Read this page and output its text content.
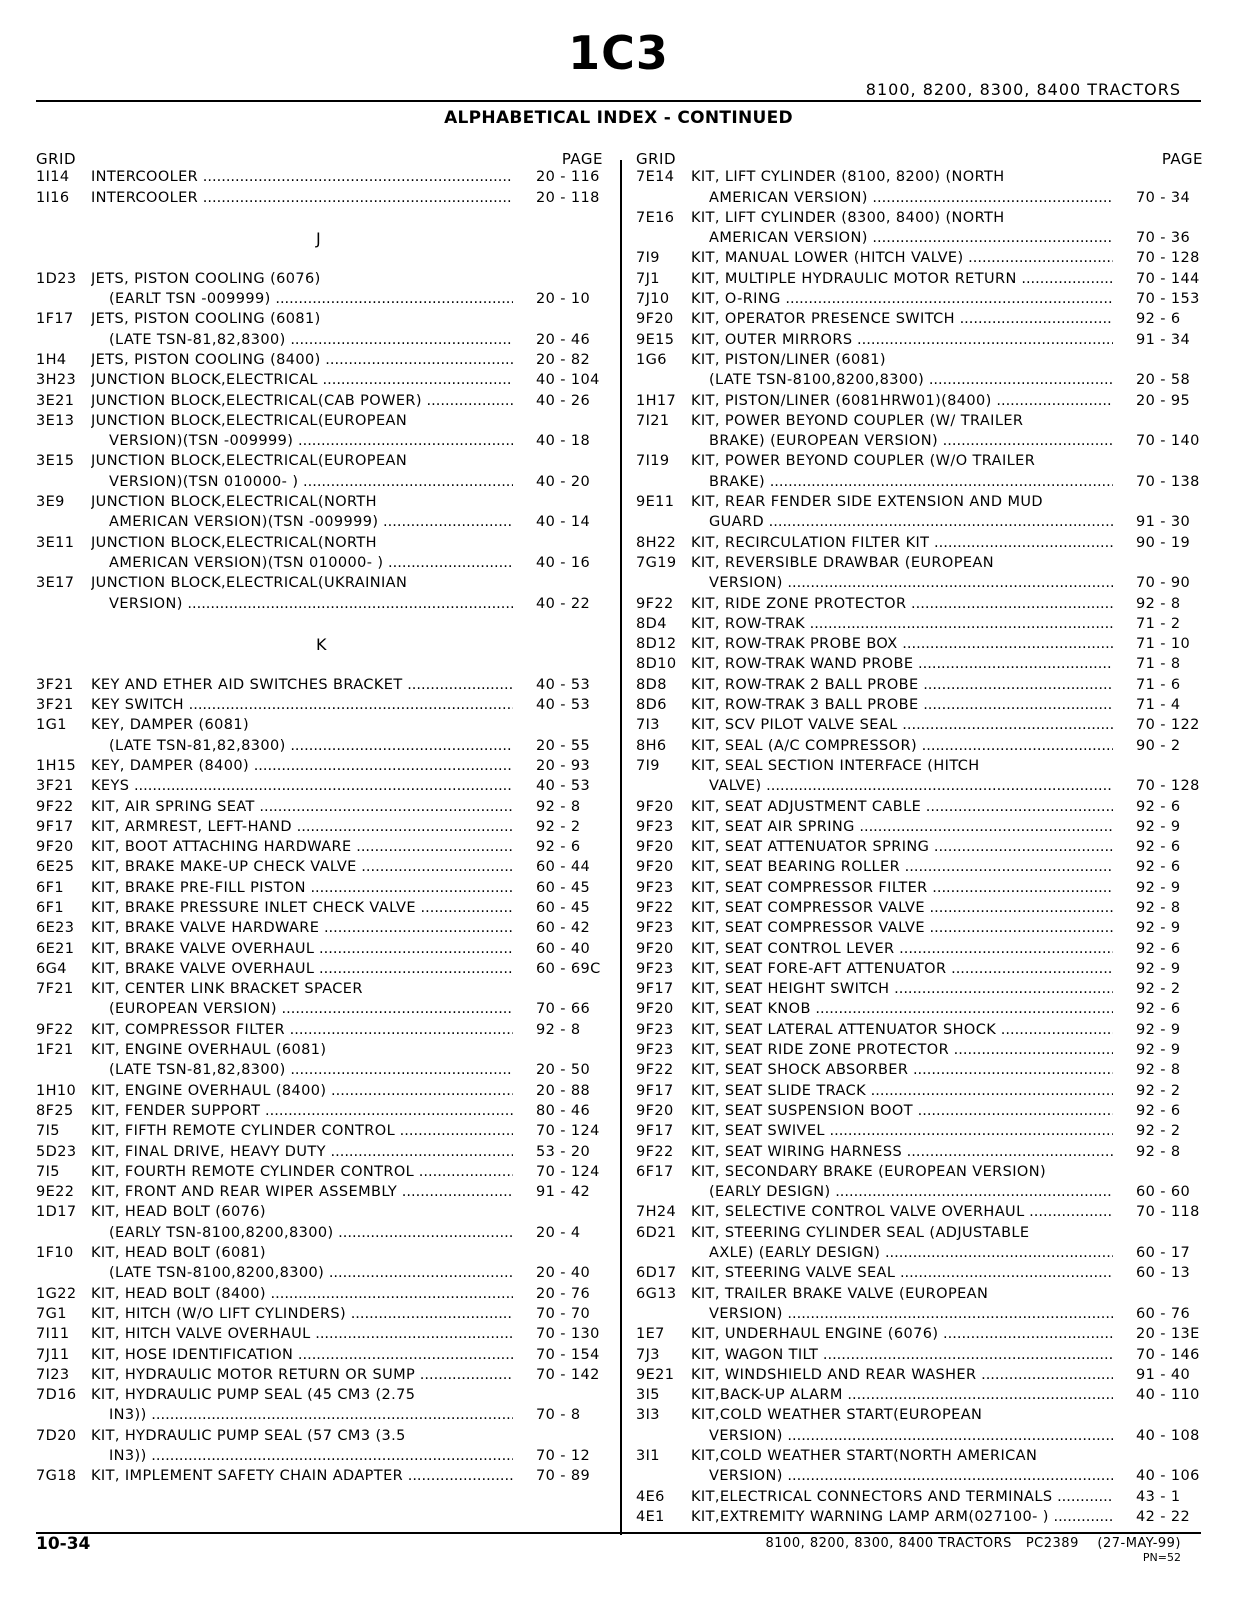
1C3
8100, 8200, 8300, 8400 TRACTORS
ALPHABETICAL INDEX - CONTINUED
GRID	PAGE
1I14 INTERCOOLER .....	20 - 116
1I16 INTERCOOLER .....	20 - 118
J
1D23 JETS, PISTON COOLING (6076)
(EARLT TSN -009999) .....	20 - 10
1F17 JETS, PISTON COOLING (6081)
(LATE TSN-81,82,8300) .....	20 - 46
1H4 JETS, PISTON COOLING (8400) .....	20 - 82
3H23 JUNCTION BLOCK,ELECTRICAL .....	40 - 104
3E21 JUNCTION BLOCK,ELECTRICAL(CAB POWER) .....	40 - 26
3E13 JUNCTION BLOCK,ELECTRICAL(EUROPEAN
VERSION)(TSN -009999) .....	40 - 18
3E15 JUNCTION BLOCK,ELECTRICAL(EUROPEAN
VERSION)(TSN 010000- ) .....	40 - 20
3E9 JUNCTION BLOCK,ELECTRICAL(NORTH
AMERICAN VERSION)(TSN -009999) .....	40 - 14
3E11 JUNCTION BLOCK,ELECTRICAL(NORTH
AMERICAN VERSION)(TSN 010000- ) .....	40 - 16
3E17 JUNCTION BLOCK,ELECTRICAL(UKRAINIAN
VERSION) .....	40 - 22
K
3F21 KEY AND ETHER AID SWITCHES BRACKET .....	40 - 53
3F21 KEY SWITCH .....	40 - 53
1G1 KEY, DAMPER (6081)
(LATE TSN-81,82,8300) .....	20 - 55
1H15 KEY, DAMPER (8400) .....	20 - 93
3F21 KEYS .....	40 - 53
9F22 KIT, AIR SPRING SEAT .....	92 - 8
9F17 KIT, ARMREST, LEFT-HAND .....	92 - 2
9F20 KIT, BOOT ATTACHING HARDWARE .....	92 - 6
6E25 KIT, BRAKE MAKE-UP CHECK VALVE .....	60 - 44
6F1 KIT, BRAKE PRE-FILL PISTON .....	60 - 45
6F1 KIT, BRAKE PRESSURE INLET CHECK VALVE .....	60 - 45
6E23 KIT, BRAKE VALVE HARDWARE .....	60 - 42
6E21 KIT, BRAKE VALVE OVERHAUL .....	60 - 40
6G4 KIT, BRAKE VALVE OVERHAUL .....	60 - 69C
7F21 KIT, CENTER LINK BRACKET SPACER
(EUROPEAN VERSION) .....	70 - 66
9F22 KIT, COMPRESSOR FILTER .....	92 - 8
1F21 KIT, ENGINE OVERHAUL (6081)
(LATE TSN-81,82,8300) .....	20 - 50
1H10 KIT, ENGINE OVERHAUL (8400) .....	20 - 88
8F25 KIT, FENDER SUPPORT .....	80 - 46
7I5 KIT, FIFTH REMOTE CYLINDER CONTROL .....	70 - 124
5D23 KIT, FINAL DRIVE, HEAVY DUTY .....	53 - 20
7I5 KIT, FOURTH REMOTE CYLINDER CONTROL .....	70 - 124
9E22 KIT, FRONT AND REAR WIPER ASSEMBLY .....	91 - 42
1D17 KIT, HEAD BOLT (6076)
(EARLY TSN-8100,8200,8300) .....	20 - 4
1F10 KIT, HEAD BOLT (6081)
(LATE TSN-8100,8200,8300) .....	20 - 40
1G22 KIT, HEAD BOLT (8400) .....	20 - 76
7G1 KIT, HITCH (W/O LIFT CYLINDERS) .....	70 - 70
7I11 KIT, HITCH VALVE OVERHAUL .....	70 - 130
7J11 KIT, HOSE IDENTIFICATION .....	70 - 154
7I23 KIT, HYDRAULIC MOTOR RETURN OR SUMP .....	70 - 142
7D16 KIT, HYDRAULIC PUMP SEAL (45 CM3 (2.75
IN3)) .....	70 - 8
7D20 KIT, HYDRAULIC PUMP SEAL (57 CM3 (3.5
IN3)) .....	70 - 12
7G18 KIT, IMPLEMENT SAFETY CHAIN ADAPTER .....	70 - 89
GRID	PAGE
7E14 KIT, LIFT CYLINDER (8100, 8200) (NORTH
AMERICAN VERSION) .....	70 - 34
7E16 KIT, LIFT CYLINDER (8300, 8400) (NORTH
AMERICAN VERSION) .....	70 - 36
7I9 KIT, MANUAL LOWER (HITCH VALVE) .....	70 - 128
7J1 KIT, MULTIPLE HYDRAULIC MOTOR RETURN .....	70 - 144
7J10 KIT, O-RING .....	70 - 153
9F20 KIT, OPERATOR PRESENCE SWITCH .....	92 - 6
9E15 KIT, OUTER MIRRORS .....	91 - 34
1G6 KIT, PISTON/LINER (6081)
(LATE TSN-8100,8200,8300) .....	20 - 58
1H17 KIT, PISTON/LINER (6081HRW01)(8400) .....	20 - 95
7I21 KIT, POWER BEYOND COUPLER (W/ TRAILER
BRAKE) (EUROPEAN VERSION) .....	70 - 140
7I19 KIT, POWER BEYOND COUPLER (W/O TRAILER
BRAKE) .....	70 - 138
9E11 KIT, REAR FENDER SIDE EXTENSION AND MUD
GUARD .....	91 - 30
8H22 KIT, RECIRCULATION FILTER KIT .....	90 - 19
7G19 KIT, REVERSIBLE DRAWBAR (EUROPEAN
VERSION) .....	70 - 90
9F22 KIT, RIDE ZONE PROTECTOR .....	92 - 8
8D4 KIT, ROW-TRAK .....	71 - 2
8D12 KIT, ROW-TRAK PROBE BOX .....	71 - 10
8D10 KIT, ROW-TRAK WAND PROBE .....	71 - 8
8D8 KIT, ROW-TRAK 2 BALL PROBE .....	71 - 6
8D6 KIT, ROW-TRAK 3 BALL PROBE .....	71 - 4
7I3 KIT, SCV PILOT VALVE SEAL .....	70 - 122
8H6 KIT, SEAL (A/C COMPRESSOR) .....	90 - 2
7I9 KIT, SEAL SECTION INTERFACE (HITCH
VALVE) .....	70 - 128
9F20 KIT, SEAT ADJUSTMENT CABLE .....	92 - 6
9F23 KIT, SEAT AIR SPRING .....	92 - 9
9F20 KIT, SEAT ATTENUATOR SPRING .....	92 - 6
9F20 KIT, SEAT BEARING ROLLER .....	92 - 6
9F23 KIT, SEAT COMPRESSOR FILTER .....	92 - 9
9F22 KIT, SEAT COMPRESSOR VALVE .....	92 - 8
9F23 KIT, SEAT COMPRESSOR VALVE .....	92 - 9
9F20 KIT, SEAT CONTROL LEVER .....	92 - 6
9F23 KIT, SEAT FORE-AFT ATTENUATOR .....	92 - 9
9F17 KIT, SEAT HEIGHT SWITCH .....	92 - 2
9F20 KIT, SEAT KNOB .....	92 - 6
9F23 KIT, SEAT LATERAL ATTENUATOR SHOCK .....	92 - 9
9F23 KIT, SEAT RIDE ZONE PROTECTOR .....	92 - 9
9F22 KIT, SEAT SHOCK ABSORBER .....	92 - 8
9F17 KIT, SEAT SLIDE TRACK .....	92 - 2
9F20 KIT, SEAT SUSPENSION BOOT .....	92 - 6
9F17 KIT, SEAT SWIVEL .....	92 - 2
9F22 KIT, SEAT WIRING HARNESS .....	92 - 8
6F17 KIT, SECONDARY BRAKE (EUROPEAN VERSION)
(EARLY DESIGN) .....	60 - 60
7H24 KIT, SELECTIVE CONTROL VALVE OVERHAUL .....	70 - 118
6D21 KIT, STEERING CYLINDER SEAL (ADJUSTABLE
AXLE) (EARLY DESIGN) .....	60 - 17
6D17 KIT, STEERING VALVE SEAL .....	60 - 13
6G13 KIT, TRAILER BRAKE VALVE (EUROPEAN
VERSION) .....	60 - 76
1E7 KIT, UNDERHAUL ENGINE (6076) .....	20 - 13E
7J3 KIT, WAGON TILT .....	70 - 146
9E21 KIT, WINDSHIELD AND REAR WASHER .....	91 - 40
3I5 KIT,BACK-UP ALARM .....	40 - 110
3I3 KIT,COLD WEATHER START(EUROPEAN
VERSION) .....	40 - 108
3I1 KIT,COLD WEATHER START(NORTH AMERICAN
VERSION) .....	40 - 106
4E6 KIT,ELECTRICAL CONNECTORS AND TERMINALS .....	43 - 1
4E1 KIT,EXTREMITY WARNING LAMP ARM(027100- ) .....	42 - 22
10-34	8100, 8200, 8300, 8400 TRACTORS PC2389 (27-MAY-99)
PN=52
